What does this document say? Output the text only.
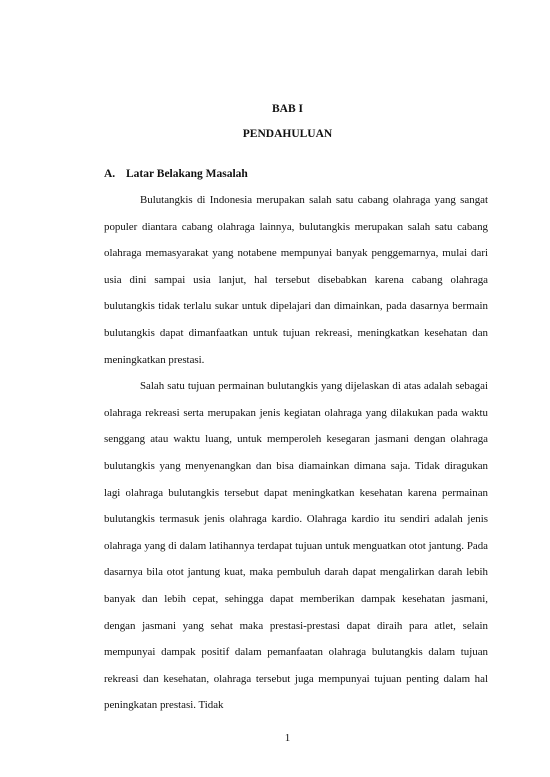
BAB I
PENDAHULUAN
A. Latar Belakang Masalah

Bulutangkis di Indonesia merupakan salah satu cabang olahraga yang sangat populer diantara cabang olahraga lainnya, bulutangkis merupakan salah satu cabang olahraga memasyarakat yang notabene mempunyai banyak penggemarnya, mulai dari usia dini sampai usia lanjut, hal tersebut disebabkan karena cabang olahraga bulutangkis tidak terlalu sukar untuk dipelajari dan dimainkan, pada dasarnya bermain bulutangkis dapat dimanfaatkan untuk tujuan rekreasi, meningkatkan kesehatan dan meningkatkan prestasi.

Salah satu tujuan permainan bulutangkis yang dijelaskan di atas adalah sebagai olahraga rekreasi serta merupakan jenis kegiatan olahraga yang dilakukan pada waktu senggang atau waktu luang, untuk memperoleh kesegaran jasmani dengan olahraga bulutangkis yang menyenangkan dan bisa diamainkan dimana saja. Tidak diragukan lagi olahraga bulutangkis tersebut dapat meningkatkan kesehatan karena permainan bulutangkis termasuk jenis olahraga kardio. Olahraga kardio itu sendiri adalah jenis olahraga yang di dalam latihannya terdapat tujuan untuk menguatkan otot jantung. Pada dasarnya bila otot jantung kuat, maka pembuluh darah dapat mengalirkan darah lebih banyak dan lebih cepat, sehingga dapat memberikan dampak kesehatan jasmani, dengan jasmani yang sehat maka prestasi-prestasi dapat diraih para atlet, selain mempunyai dampak positif dalam pemanfaatan olahraga bulutangkis dalam tujuan rekreasi dan kesehatan, olahraga tersebut juga mempunyai tujuan penting dalam hal peningkatan prestasi. Tidak

1
